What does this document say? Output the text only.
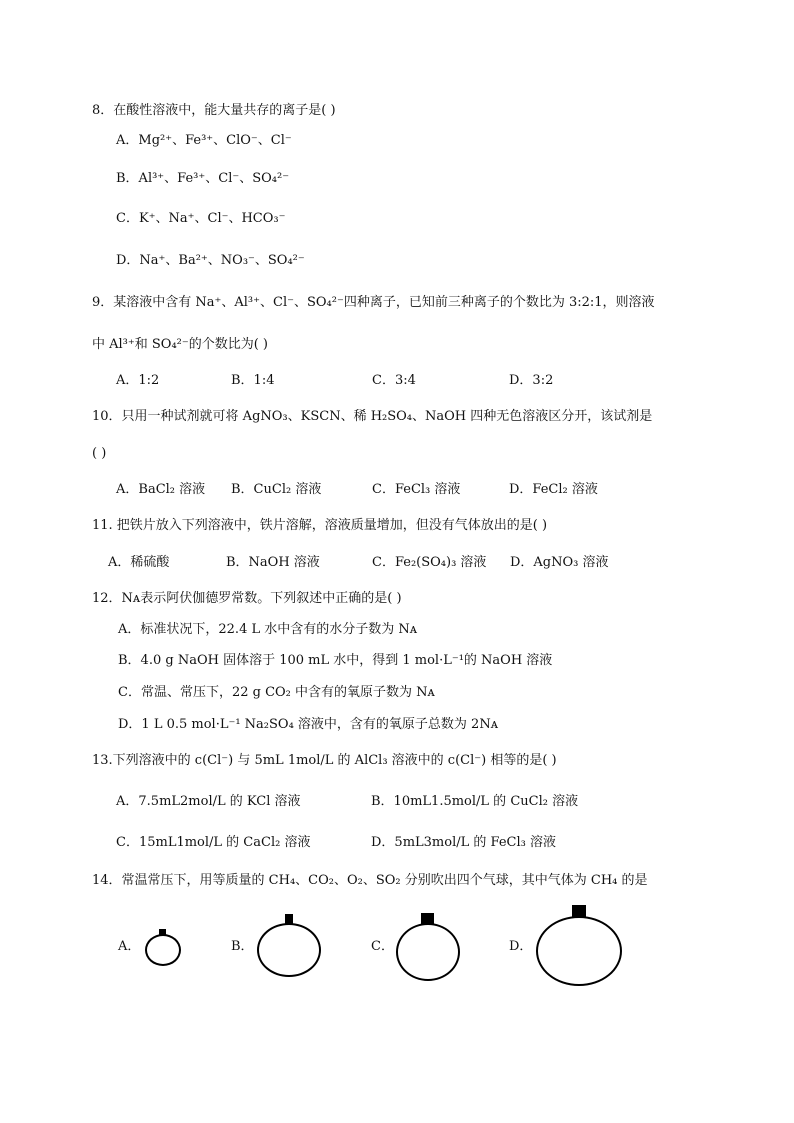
8．在酸性溶液中，能大量共存的离子是( )
A．Mg²⁺、Fe³⁺、ClO⁻、Cl⁻
B．Al³⁺、Fe³⁺、Cl⁻、SO₄²⁻
C．K⁺、Na⁺、Cl⁻、HCO₃⁻
D．Na⁺、Ba²⁺、NO₃⁻、SO₄²⁻
9．某溶液中含有 Na⁺、Al³⁺、Cl⁻、SO₄²⁻四种离子，已知前三种离子的个数比为 3:2:1，则溶液
中 Al³⁺和 SO₄²⁻的个数比为( )
A．1:2	B．1:4	C．3:4	D．3:2
10．只用一种试剂就可将 AgNO₃、KSCN、稀 H₂SO₄、NaOH 四种无色溶液区分开，该试剂是
( )
A．BaCl₂ 溶液 B．CuCl₂ 溶液	C．FeCl₃ 溶液	D．FeCl₂ 溶液
11. 把铁片放入下列溶液中，铁片溶解，溶液质量增加，但没有气体放出的是( )
A．稀硫酸	B．NaOH 溶液	C．Fe₂(SO₄)₃ 溶液 D．AgNO₃ 溶液
12．Nᴀ表示阿伏伽德罗常数。下列叙述中正确的是( )
A．标准状况下，22.4 L 水中含有的水分子数为 Nᴀ
B．4.0 g NaOH 固体溶于 100 mL 水中，得到 1 mol·L⁻¹的 NaOH 溶液
C．常温、常压下，22 g CO₂ 中含有的氧原子数为 Nᴀ
D．1 L 0.5 mol·L⁻¹ Na₂SO₄ 溶液中，含有的氧原子总数为 2Nᴀ
13.下列溶液中的 c(Cl⁻) 与 5mL 1mol/L 的 AlCl₃ 溶液中的 c(Cl⁻) 相等的是( )
A．7.5mL2mol/L 的 KCl 溶液	B．10mL1.5mol/L 的 CuCl₂ 溶液
C．15mL1mol/L 的 CaCl₂ 溶液	D．5mL3mol/L 的 FeCl₃ 溶液
14．常温常压下，用等质量的 CH₄、CO₂、O₂、SO₂ 分别吹出四个气球，其中气体为 CH₄ 的是
A．	B．	C．	D．
